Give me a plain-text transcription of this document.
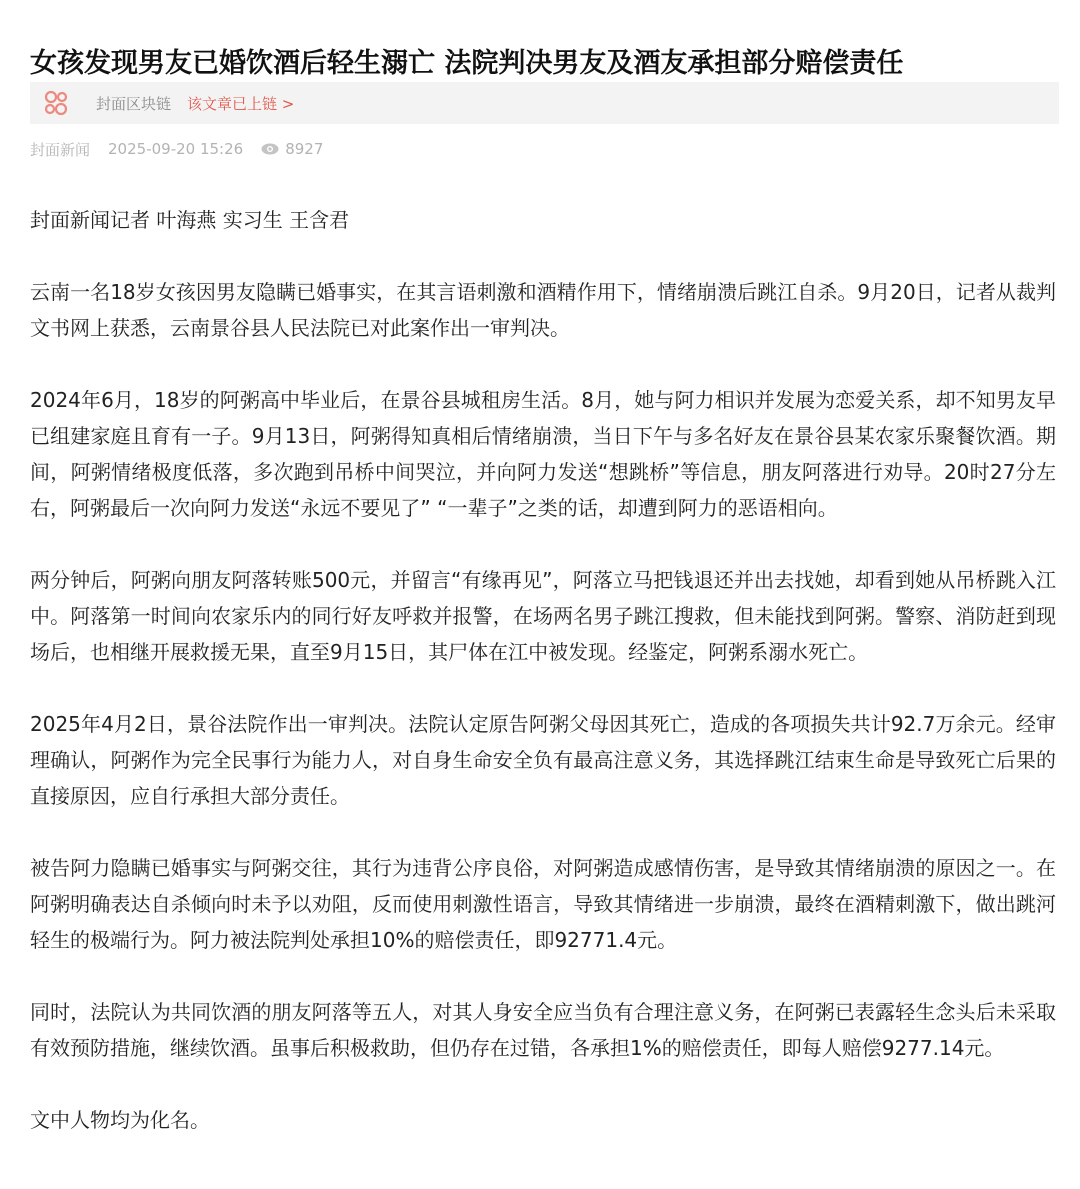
女孩发现男友已婚饮酒后轻生溺亡 法院判决男友及酒友承担部分赔偿责任
封面区块链 该文章已上链 >
封面新闻 2025-09-20 15:26	8927

封面新闻记者 叶海燕 实习生 王含君

云南一名18岁女孩因男友隐瞒已婚事实，在其言语刺激和酒精作用下，情绪崩溃后跳江自杀。9月20日，记者从裁判文书网上获悉，云南景谷县人民法院已对此案作出一审判决。

2024年6月，18岁的阿粥高中毕业后，在景谷县城租房生活。8月，她与阿力相识并发展为恋爱关系，却不知男友早已组建家庭且育有一子。9月13日，阿粥得知真相后情绪崩溃，当日下午与多名好友在景谷县某农家乐聚餐饮酒。期间，阿粥情绪极度低落，多次跑到吊桥中间哭泣，并向阿力发送“想跳桥”等信息，朋友阿落进行劝导。20时27分左右，阿粥最后一次向阿力发送“永远不要见了” “一辈子”之类的话，却遭到阿力的恶语相向。

两分钟后，阿粥向朋友阿落转账500元，并留言“有缘再见”，阿落立马把钱退还并出去找她，却看到她从吊桥跳入江中。阿落第一时间向农家乐内的同行好友呼救并报警，在场两名男子跳江搜救，但未能找到阿粥。警察、消防赶到现场后，也相继开展救援无果，直至9月15日，其尸体在江中被发现。经鉴定，阿粥系溺水死亡。

2025年4月2日，景谷法院作出一审判决。法院认定原告阿粥父母因其死亡，造成的各项损失共计92.7万余元。经审理确认，阿粥作为完全民事行为能力人，对自身生命安全负有最高注意义务，其选择跳江结束生命是导致死亡后果的直接原因，应自行承担大部分责任。

被告阿力隐瞒已婚事实与阿粥交往，其行为违背公序良俗，对阿粥造成感情伤害，是导致其情绪崩溃的原因之一。在阿粥明确表达自杀倾向时未予以劝阻，反而使用刺激性语言，导致其情绪进一步崩溃，最终在酒精刺激下，做出跳河轻生的极端行为。阿力被法院判处承担10%的赔偿责任，即92771.4元。

同时，法院认为共同饮酒的朋友阿落等五人，对其人身安全应当负有合理注意义务，在阿粥已表露轻生念头后未采取有效预防措施，继续饮酒。虽事后积极救助，但仍存在过错，各承担1%的赔偿责任，即每人赔偿9277.14元。

文中人物均为化名。
